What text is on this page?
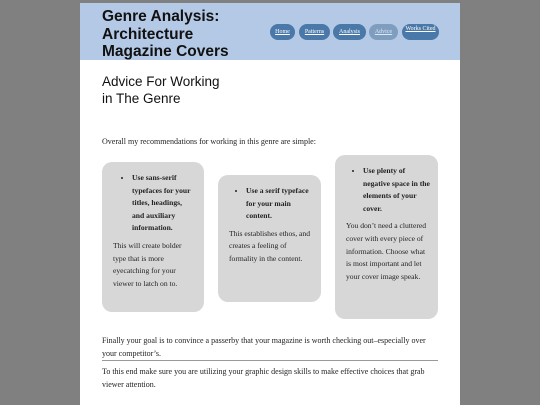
Genre Analysis: Architecture Magazine Covers
Home	Patterns	Analysis	Advice	Works Cited
Advice For Working in The Genre

Overall my recommendations for working in this genre are simple:

• Use sans-serif typefaces for your titles, headings, and auxiliary information.

This will create bolder type that is more eyecatching for your viewer to latch on to.

• Use a serif typeface for your main content.

This establishes ethos, and creates a feeling of formality in the content.

• Use plenty of negative space in the elements of your cover.

You don’t need a cluttered cover with every piece of information. Choose what is most important and let your cover image speak.

Finally your goal is to convince a passerby that your magazine is worth checking out–especially over your competitor’s.

To this end make sure you are utilizing your graphic design skills to make effective choices that grab viewer attention.
